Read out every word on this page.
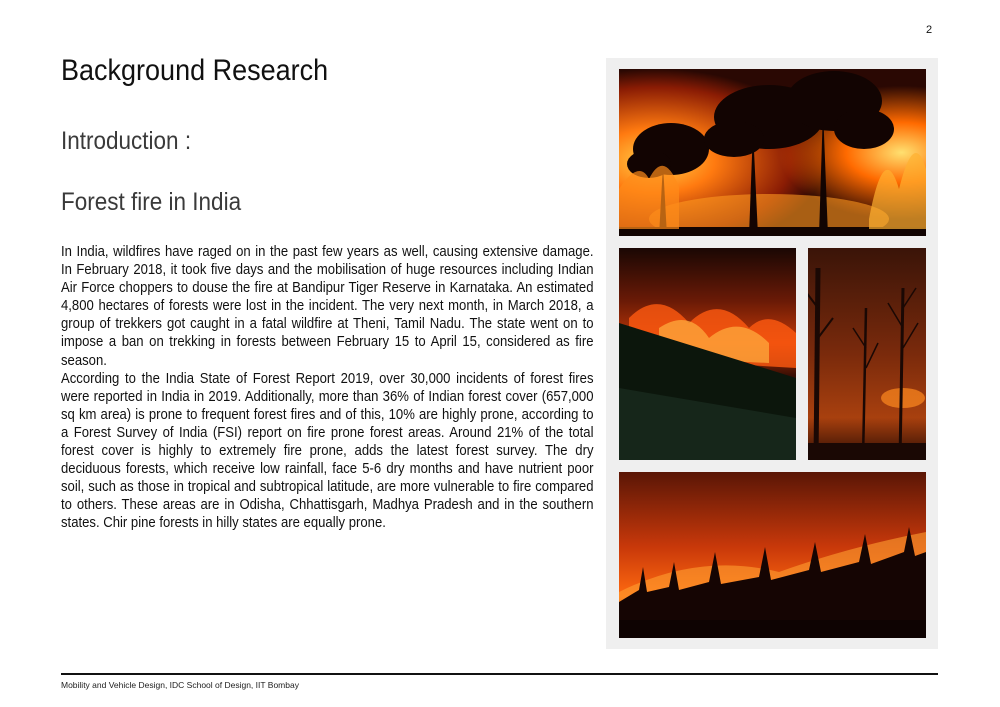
2
Background Research
Introduction :
Forest fire in India

In India, wildfires have raged on in the past few years as well, causing extensive damage. In February 2018, it took five days and the mobilisation of huge resources including Indian Air Force choppers to douse the fire at Bandipur Tiger Reserve in Karnataka. An estimated 4,800 hectares of forests were lost in the incident. The very next month, in March 2018, a group of trekkers got caught in a fatal wildfire at Theni, Tamil Nadu. The state went on to impose a ban on trekking in forests between February 15 to April 15, considered as fire season.

According to the India State of Forest Report 2019, over 30,000 incidents of forest fires were reported in India in 2019. Additionally, more than 36% of Indian forest cover (657,000 sq km area) is prone to frequent forest fires and of this, 10% are highly prone, according to a Forest Survey of India (FSI) report on fire prone forest areas. Around 21% of the total forest cover is highly to extremely fire prone, adds the latest forest survey. The dry deciduous forests, which receive low rainfall, face 5-6 dry months and have nutrient poor soil, such as those in tropical and subtropical latitude, are more vulnerable to fire compared to others. These areas are in Odisha, Chhattisgarh, Madhya Pradesh and in the southern states. Chir pine forests in hilly states are equally prone.

Mobility and Vehicle Design, IDC School of Design, IIT Bombay
